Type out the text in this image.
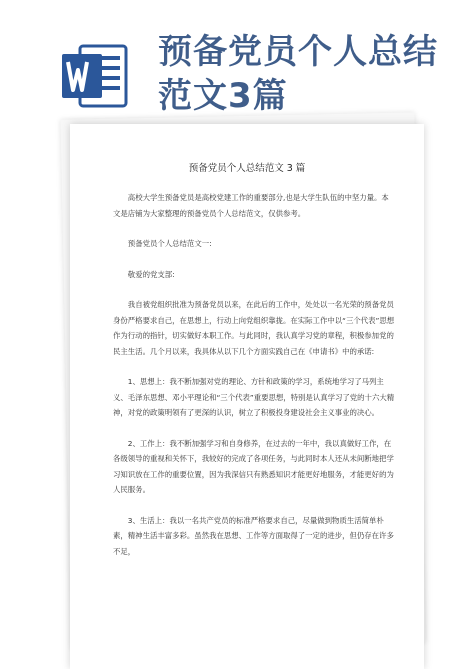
预备党员个人总结
范文3篇
预备党员个人总结范文 3 篇

高校大学生预备党员是高校党建工作的重要部分,也是大学生队伍的中坚力量。本文是店铺为大家整理的预备党员个人总结范文，仅供参考。

预备党员个人总结范文一:

敬爱的党支部:

我自被党组织批准为预备党员以来，在此后的工作中，处处以一名光荣的预备党员身份严格要求自己，在思想上，行动上向党组织靠拢。在实际工作中以“三个代表”思想作为行动的指针，切实做好本职工作。与此同时，我认真学习党的章程，积极参加党的民主生活。几个月以来，我具体从以下几个方面实践自己在《申请书》中的承诺:

1、思想上：我不断加强对党的理论、方针和政策的学习，系统地学习了马列主义、毛泽东思想、邓小平理论和“三个代表”重要思想，特别是认真学习了党的十六大精神，对党的政策明领有了更深的认识，树立了积极投身建设社会主义事业的决心。

2、工作上：我不断加强学习和自身修养，在过去的一年中，我以真做好工作，在各级领导的重视和关怀下，我较好的完成了各项任务，与此同时本人还从未间断地把学习知识放在工作的重要位置，因为我深信只有熟悉知识才能更好地服务，才能更好的为人民服务。

3、生活上：我以一名共产党员的标准严格要求自己，尽量做到物质生活简单朴素，精神生活丰富多彩。虽然我在思想、工作等方面取得了一定的进步，但仍存在许多不足，
